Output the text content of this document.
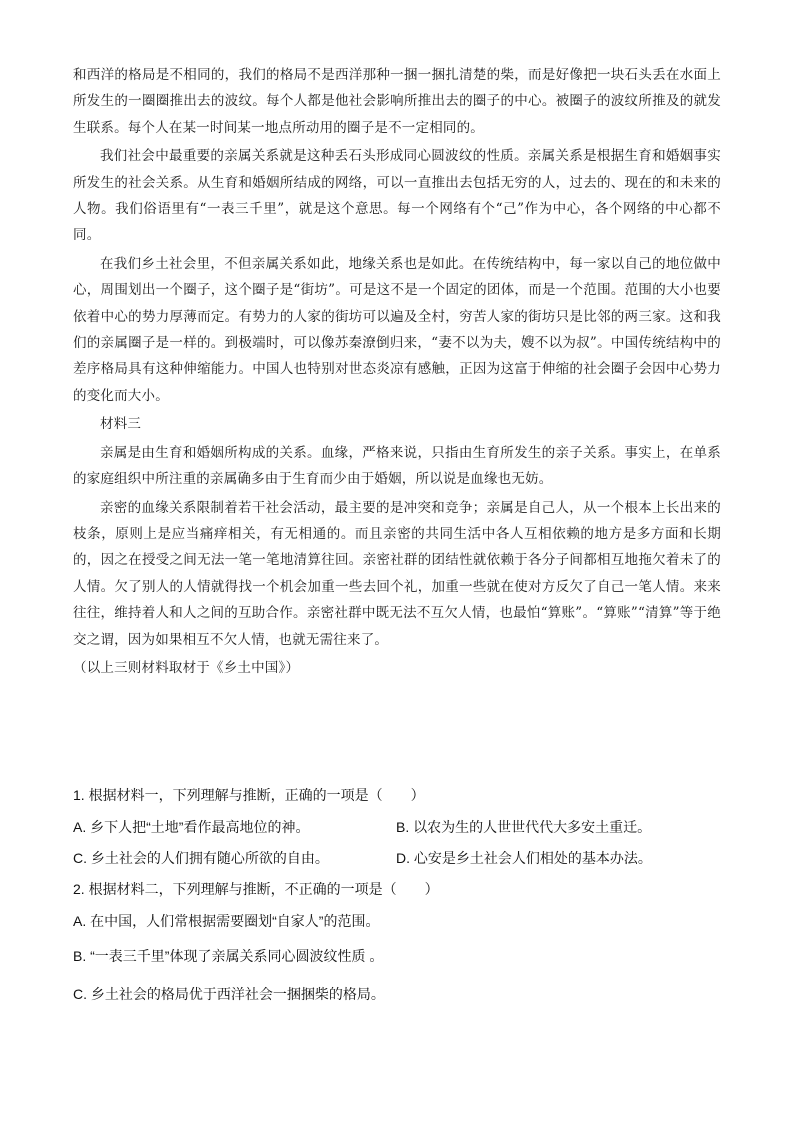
和西洋的格局是不相同的，我们的格局不是西洋那种一捆一捆扎清楚的柴，而是好像把一块石头丢在水面上所发生的一圈圈推出去的波纹。每个人都是他社会影响所推出去的圈子的中心。被圈子的波纹所推及的就发生联系。每个人在某一时间某一地点所动用的圈子是不一定相同的。

我们社会中最重要的亲属关系就是这种丢石头形成同心圆波纹的性质。亲属关系是根据生育和婚姻事实所发生的社会关系。从生育和婚姻所结成的网络，可以一直推出去包括无穷的人，过去的、现在的和未来的人物。我们俗语里有“一表三千里”，就是这个意思。每一个网络有个“己”作为中心，各个网络的中心都不同。

在我们乡土社会里，不但亲属关系如此，地缘关系也是如此。在传统结构中，每一家以自己的地位做中心，周围划出一个圈子，这个圈子是“街坊”。可是这不是一个固定的团体，而是一个范围。范围的大小也要依着中心的势力厚薄而定。有势力的人家的街坊可以遍及全村，穷苦人家的街坊只是比邻的两三家。这和我们的亲属圈子是一样的。到极端时，可以像苏秦潦倒归来，“妻不以为夫，嫂不以为叔”。中国传统结构中的差序格局具有这种伸缩能力。中国人也特别对世态炎凉有感触，正因为这富于伸缩的社会圈子会因中心势力的变化而大小。

材料三

亲属是由生育和婚姻所构成的关系。血缘，严格来说，只指由生育所发生的亲子关系。事实上，在单系的家庭组织中所注重的亲属确多由于生育而少由于婚姻，所以说是血缘也无妨。

亲密的血缘关系限制着若干社会活动，最主要的是冲突和竞争；亲属是自己人，从一个根本上长出来的枝条，原则上是应当痛痒相关，有无相通的。而且亲密的共同生活中各人互相依赖的地方是多方面和长期的，因之在授受之间无法一笔一笔地清算往回。亲密社群的团结性就依赖于各分子间都相互地拖欠着未了的人情。欠了别人的人情就得找一个机会加重一些去回个礼，加重一些就在使对方反欠了自己一笔人情。来来往往，维持着人和人之间的互助合作。亲密社群中既无法不互欠人情，也最怕“算账”。“算账”“清算”等于绝交之谓，因为如果相互不欠人情，也就无需往来了。

（以上三则材料取材于《乡土中国》）

1. 根据材料一，下列理解与推断，正确的一项是（　　）
A. 乡下人把“土地”看作最高地位的神。	B. 以农为生的人世世代代大多安土重迁。
C. 乡土社会的人们拥有随心所欲的自由。	D. 心安是乡土社会人们相处的基本办法。
2. 根据材料二，下列理解与推断，不正确的一项是（　　）
A. 在中国，人们常根据需要圈划“自家人”的范围。
B. “一表三千里”体现了亲属关系同心圆波纹性质 。
C. 乡土社会的格局优于西洋社会一捆捆柴的格局。
